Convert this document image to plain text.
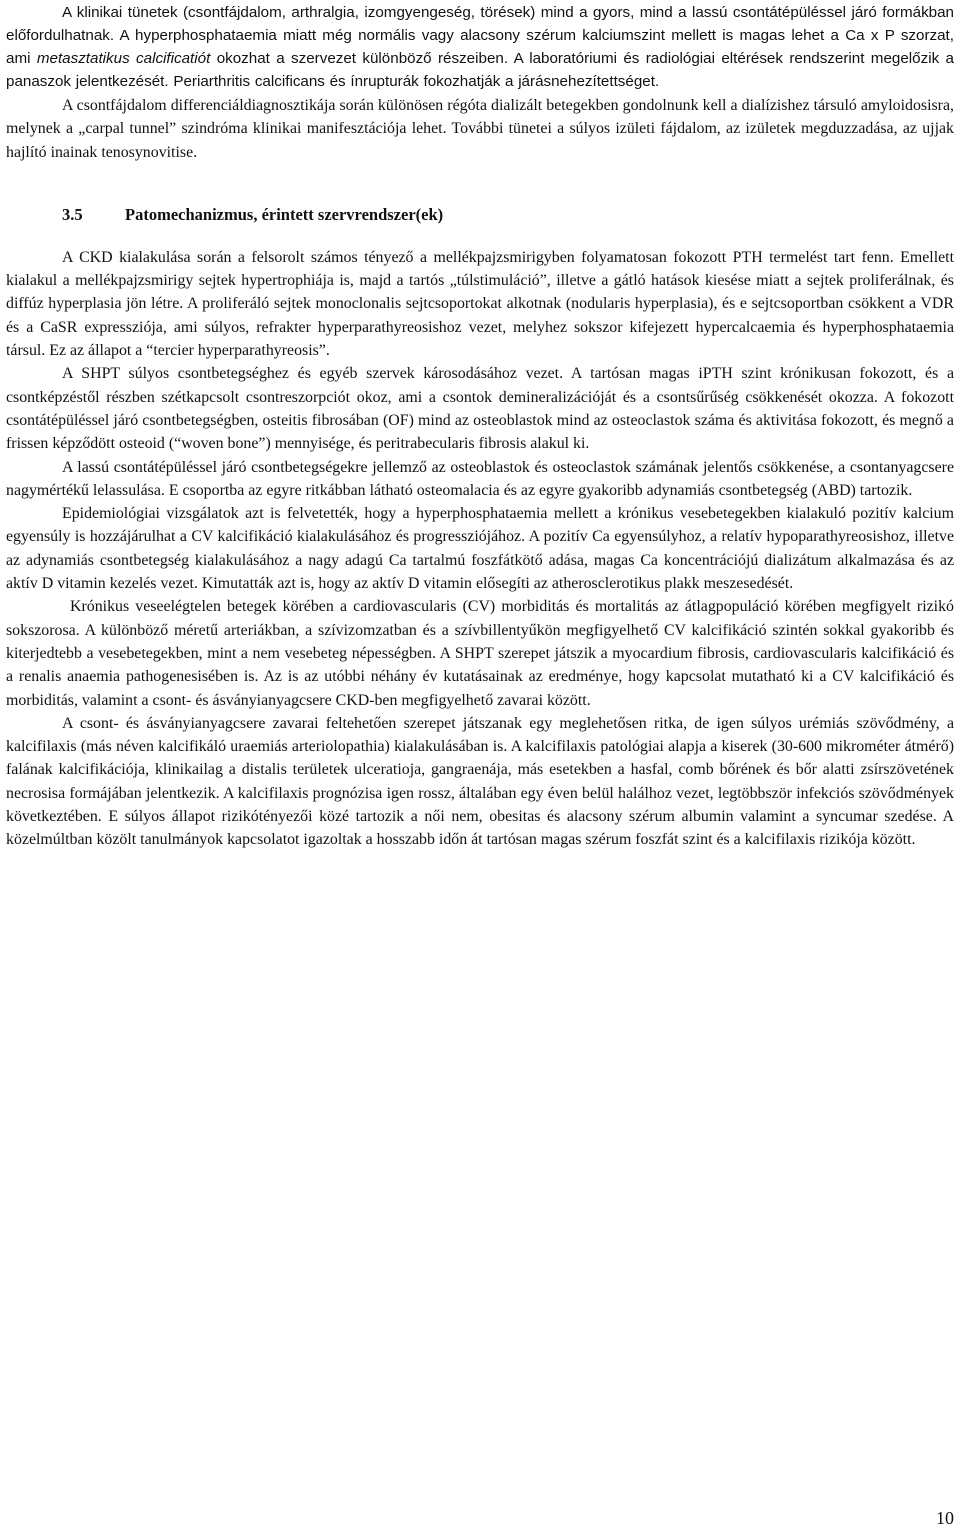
A klinikai tünetek (csontfájdalom, arthralgia, izomgyengeség, törések) mind a gyors, mind a lassú csontátépüléssel járó formákban előfordulhatnak. A hyperphosphataemia miatt még normális vagy alacsony szérum kalciumszint mellett is magas lehet a Ca x P szorzat, ami metasztatikus calcificatiót okozhat a szervezet különböző részeiben. A laboratóriumi és radiológiai eltérések rendszerint megelőzik a panaszok jelentkezését. Periarthritis calcificans és ínrupturák fokozhatják a járásnehezítettséget.

A csontfájdalom differenciáldiagnosztikája során különösen régóta dializált betegekben gondolnunk kell a dialízishez társuló amyloidosisra, melynek a „carpal tunnel” szindróma klinikai manifesztációja lehet. További tünetei a súlyos izületi fájdalom, az izületek megduzzadása, az ujjak hajlító inainak tenosynovitise.

3.5	Patomechanizmus, érintett szervrendszer(ek)

A CKD kialakulása során a felsorolt számos tényező a mellékpajzsmirigyben folyamatosan fokozott PTH termelést tart fenn. Emellett kialakul a mellékpajzsmirigy sejtek hypertrophiája is, majd a tartós „túlstimuláció”, illetve a gátló hatások kiesése miatt a sejtek proliferálnak, és diffúz hyperplasia jön létre. A proliferáló sejtek monoclonalis sejtcsoportokat alkotnak (nodularis hyperplasia), és e sejtcsoportban csökkent a VDR és a CaSR expressziója, ami súlyos, refrakter hyperparathyreosishoz vezet, melyhez sokszor kifejezett hypercalcaemia és hyperphosphataemia társul. Ez az állapot a “tercier hyperparathyreosis”.

A SHPT súlyos csontbetegséghez és egyéb szervek károsodásához vezet. A tartósan magas iPTH szint krónikusan fokozott, és a csontképzéstől részben szétkapcsolt csontreszorpciót okoz, ami a csontok demineralizációját és a csontsűrűség csökkenését okozza. A fokozott csontátépüléssel járó csontbetegségben, osteitis fibrosában (OF) mind az osteoblastok mind az osteoclastok száma és aktivitása fokozott, és megnő a frissen képződött osteoid (“woven bone”) mennyisége, és peritrabecularis fibrosis alakul ki.

A lassú csontátépüléssel járó csontbetegségekre jellemző az osteoblastok és osteoclastok számának jelentős csökkenése, a csontanyagcsere nagymértékű lelassulása. E csoportba az egyre ritkábban látható osteomalacia és az egyre gyakoribb adynamiás csontbetegség (ABD) tartozik.

Epidemiológiai vizsgálatok azt is felvetették, hogy a hyperphosphataemia mellett a krónikus vesebetegekben kialakuló pozitív kalcium egyensúly is hozzájárulhat a CV kalcifikáció kialakulásához és progressziójához. A pozitív Ca egyensúlyhoz, a relatív hypoparathyreosishoz, illetve az adynamiás csontbetegség kialakulásához a nagy adagú Ca tartalmú foszfátkötő adása, magas Ca koncentrációjú dializátum alkalmazása és az aktív D vitamin kezelés vezet. Kimutatták azt is, hogy az aktív D vitamin elősegíti az atherosclerotikus plakk meszesedését.

Krónikus veseelégtelen betegek körében a cardiovascularis (CV) morbiditás és mortalitás az átlagpopuláció körében megfigyelt rizikó sokszorosa. A különböző méretű arteriákban, a szívizomzatban és a szívbillentyűkön megfigyelhető CV kalcifikáció szintén sokkal gyakoribb és kiterjedtebb a vesebetegekben, mint a nem vesebeteg népességben. A SHPT szerepet játszik a myocardium fibrosis, cardiovascularis kalcifikáció és a renalis anaemia pathogenesisében is. Az is az utóbbi néhány év kutatásainak az eredménye, hogy kapcsolat mutatható ki a CV kalcifikáció és morbiditás, valamint a csont- és ásványianyagcsere CKD-ben megfigyelhető zavarai között.

A csont- és ásványianyagcsere zavarai feltehetően szerepet játszanak egy meglehetősen ritka, de igen súlyos urémiás szövődmény, a kalcifilaxis (más néven kalcifikáló uraemiás arteriolopathia) kialakulásában is. A kalcifilaxis patológiai alapja a kiserek (30-600 mikrométer átmérő) falának kalcifikációja, klinikailag a distalis területek ulceratioja, gangraenája, más esetekben a hasfal, comb bőrének és bőr alatti zsírszövetének necrosisa formájában jelentkezik. A kalcifilaxis prognózisa igen rossz, általában egy éven belül halálhoz vezet, legtöbbször infekciós szövődmények következtében. E súlyos állapot rizikótényezői közé tartozik a női nem, obesitas és alacsony szérum albumin valamint a syncumar szedése. A közelmúltban közölt tanulmányok kapcsolatot igazoltak a hosszabb időn át tartósan magas szérum foszfát szint és a kalcifilaxis rizikója között.

10
